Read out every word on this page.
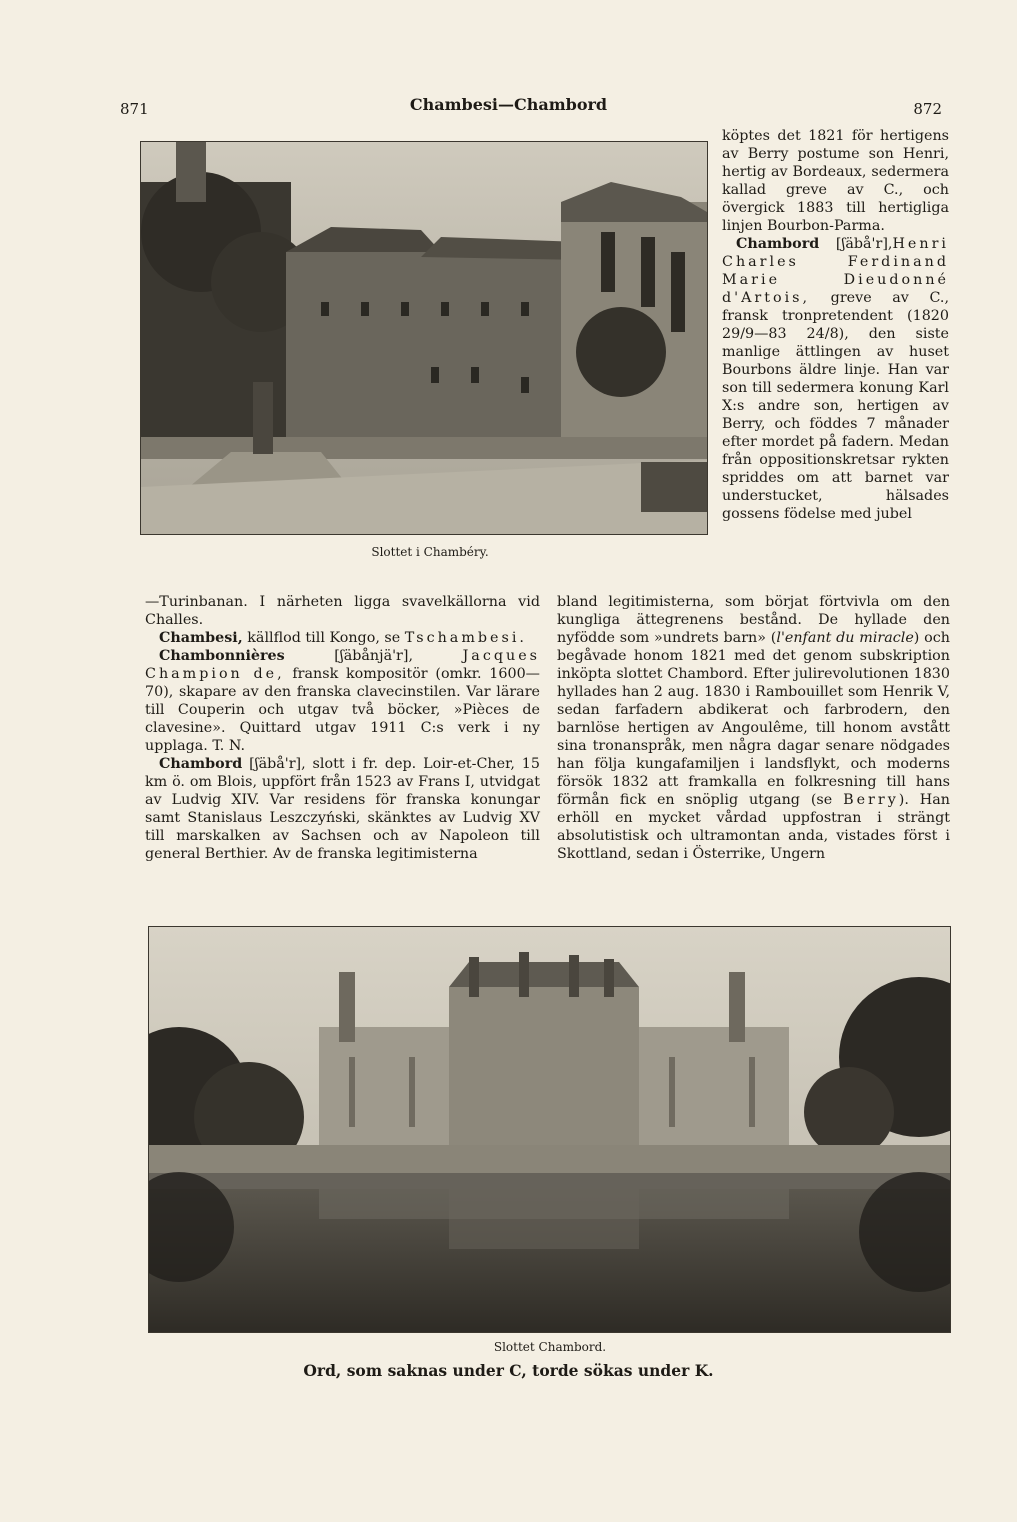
871	Chambesi—Chambord	872
Slottet i Chambéry.

köptes det 1821 för hertigens av Berry postume son Henri, hertig av Bordeaux, sedermera kallad greve av C., och övergick 1883 till hertigliga linjen Bourbon-Parma.

Chambord [ʃäbå'r],Henri Charles Ferdinand Marie Dieudonné d'Artois, greve av C., fransk tronpretendent (1820 29/9—83 24/8), den siste manlige ättlingen av huset Bourbons äldre linje. Han var son till sedermera konung Karl X:s andre son, hertigen av Berry, och föddes 7 månader efter mordet på fadern. Medan från oppositionskretsar rykten spriddes om att barnet var understucket, hälsades gossens födelse med jubel

—Turinbanan. I närheten ligga svavelkällorna vid Challes.

Chambesi, källflod till Kongo, se Tschambesi.

Chambonnières [ʃäbånjä'r], Jacques Champion de, fransk kompositör (omkr. 1600—70), skapare av den franska clavecinstilen. Var lärare till Couperin och utgav två böcker, »Pièces de clavesine». Quittard utgav 1911 C:s verk i ny upplaga. T. N.

Chambord [ʃäbå'r], slott i fr. dep. Loir-et-Cher, 15 km ö. om Blois, uppfört från 1523 av Frans I, utvidgat av Ludvig XIV. Var residens för franska konungar samt Stanislaus Leszczyński, skänktes av Ludvig XV till marskalken av Sachsen och av Napoleon till general Berthier. Av de franska legitimisterna

bland legitimisterna, som börjat förtvivla om den kungliga ättegrenens bestånd. De hyllade den nyfödde som »undrets barn» (l'enfant du miracle) och begåvade honom 1821 med det genom subskription inköpta slottet Chambord. Efter julirevolutionen 1830 hyllades han 2 aug. 1830 i Rambouillet som Henrik V, sedan farfadern abdikerat och farbrodern, den barnlöse hertigen av Angoulême, till honom avstått sina tronanspråk, men några dagar senare nödgades han följa kungafamiljen i landsflykt, och moderns försök 1832 att framkalla en folkresning till hans förmån fick en snöplig utgang (se Berry). Han erhöll en mycket vårdad uppfostran i strängt absolutistisk och ultramontan anda, vistades först i Skottland, sedan i Österrike, Ungern

Slottet Chambord.
Ord, som saknas under C, torde sökas under K.
